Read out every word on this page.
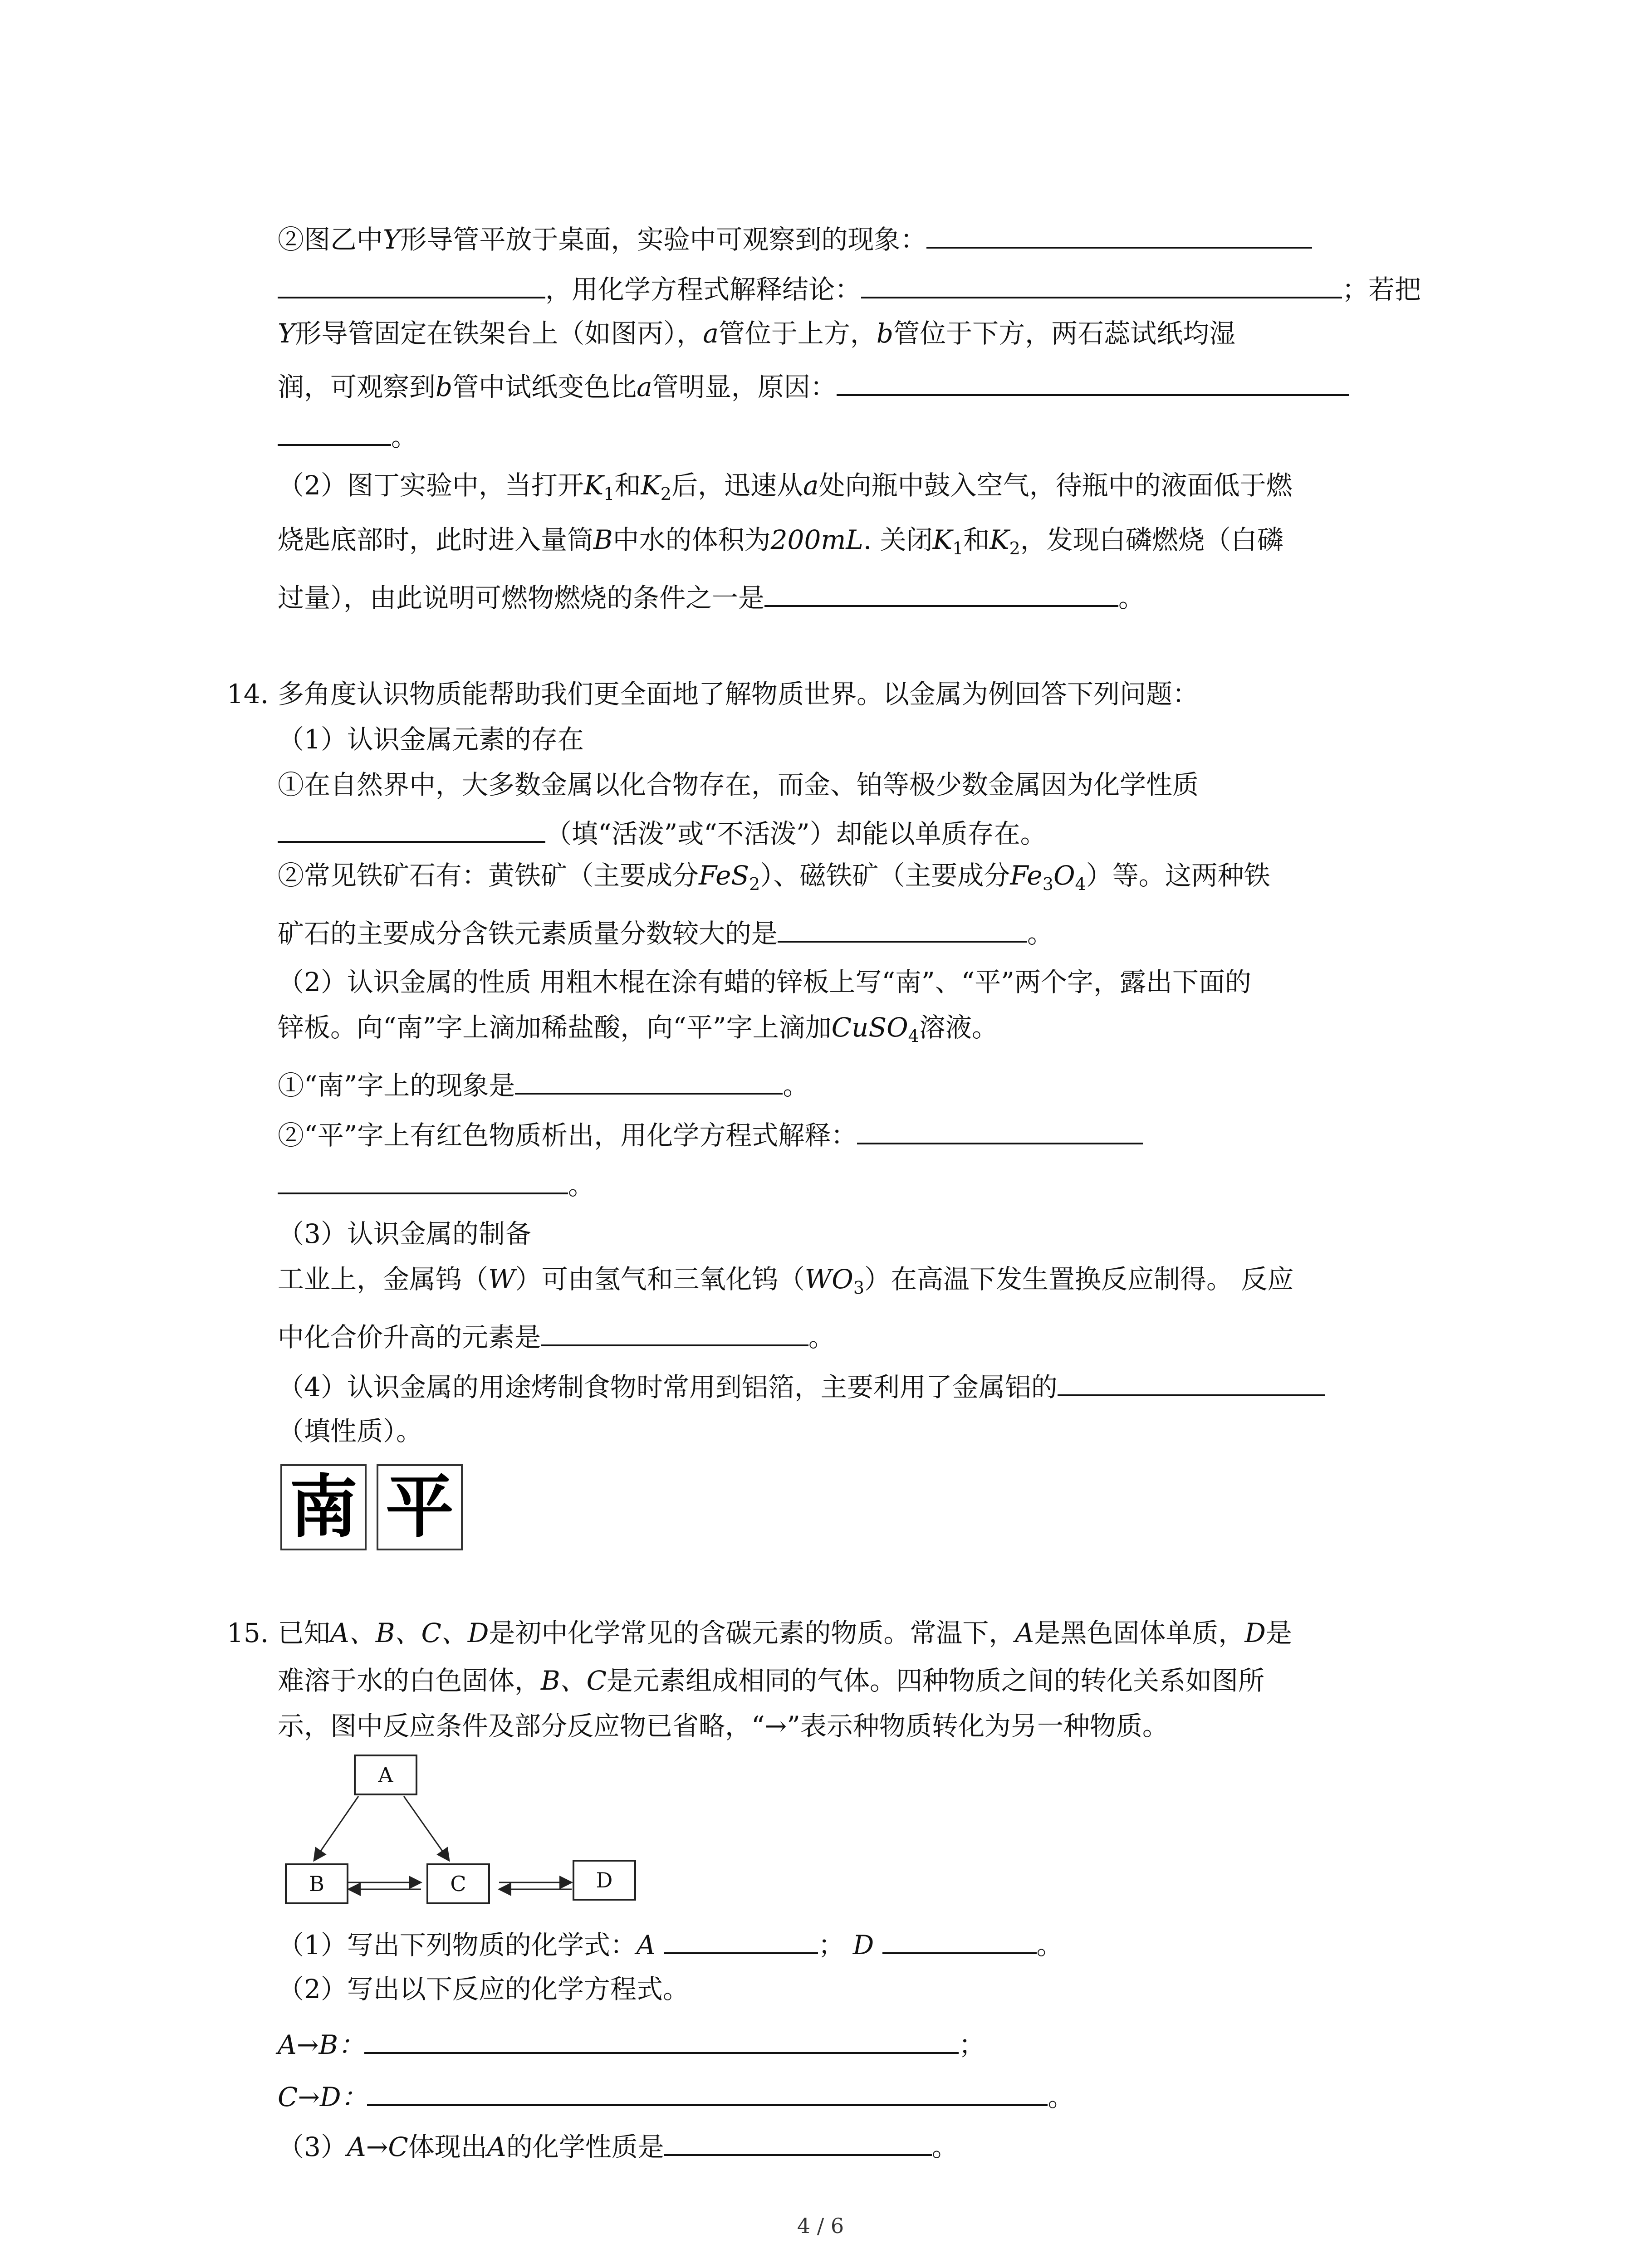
②图乙中Y形导管平放于桌面，实验中可观察到的现象：
，用化学方程式解释结论：	；若把
Y形导管固定在铁架台上（如图丙），a管位于上方，b管位于下方，两石蕊试纸均湿
润，可观察到b管中试纸变色比a管明显，原因：
。
（2）图丁实验中，当打开$K_1$和$K_2$后，迅速从a处向瓶中鼓入空气，待瓶中的液面低于燃
烧匙底部时，此时进入量筒B中水的体积为200mL. 关闭$K_1$和$K_2$，发现白磷燃烧（白磷
过量），由此说明可燃物燃烧的条件之一是	。
14. 多角度认识物质能帮助我们更全面地了解物质世界。以金属为例回答下列问题：
（1）认识金属元素的存在
①在自然界中，大多数金属以化合物存在，而金、铂等极少数金属因为化学性质
（填“活泼”或“不活泼”）却能以单质存在。
②常见铁矿石有：黄铁矿（主要成分FeS$_2$）、磁铁矿（主要成分$Fe_3O_4$）等。这两种铁
矿石的主要成分含铁元素质量分数较大的是	。
（2）认识金属的性质 用粗木棍在涂有蜡的锌板上写“南”、“平”两个字，露出下面的
锌板。向“南”字上滴加稀盐酸，向“平”字上滴加CuSO$_4$溶液。
①“南”字上的现象是	。
②“平”字上有红色物质析出，用化学方程式解释：
。
（3）认识金属的制备
工业上，金属钨（W）可由氢气和三氧化钨$(WO_3)$在高温下发生置换反应制得。 反应
中化合价升高的元素是	。
（4）认识金属的用途烤制食物时常用到铝箔，主要利用了金属铝的
（填性质）。
南 平
15. 已知A、B、C、D是初中化学常见的含碳元素的物质。常温下，A是黑色固体单质，D是
难溶于水的白色固体，B、C是元素组成相同的气体。四种物质之间的转化关系如图所
示，图中反应条件及部分反应物已省略，“→”表示种物质转化为另一种物质。
A
B	C	D
（1）写出下列物质的化学式：A	； D	。
（2）写出以下反应的化学方程式。
A→B：	；
C→D：	。
（3）A→C体现出A的化学性质是	。
4 / 6
